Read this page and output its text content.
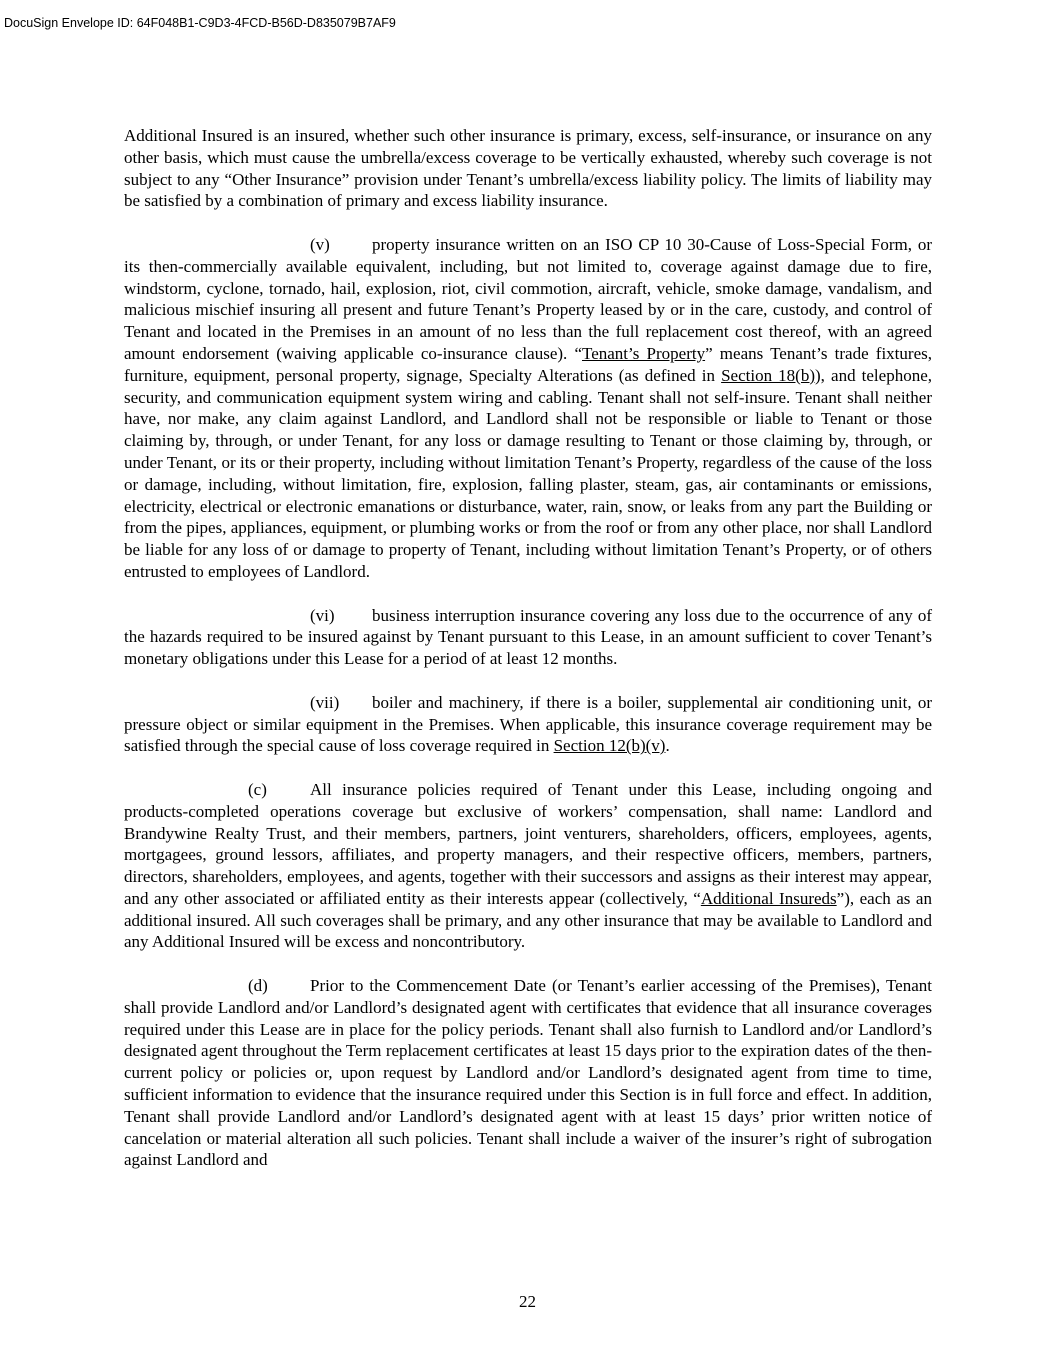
DocuSign Envelope ID: 64F048B1-C9D3-4FCD-B56D-D835079B7AF9

Additional Insured is an insured, whether such other insurance is primary, excess, self-insurance, or insurance on any other basis, which must cause the umbrella/excess coverage to be vertically exhausted, whereby such coverage is not subject to any “Other Insurance” provision under Tenant’s umbrella/excess liability policy. The limits of liability may be satisfied by a combination of primary and excess liability insurance.

(v) property insurance written on an ISO CP 10 30-Cause of Loss-Special Form, or its then-commercially available equivalent, including, but not limited to, coverage against damage due to fire, windstorm, cyclone, tornado, hail, explosion, riot, civil commotion, aircraft, vehicle, smoke damage, vandalism, and malicious mischief insuring all present and future Tenant’s Property leased by or in the care, custody, and control of Tenant and located in the Premises in an amount of no less than the full replacement cost thereof, with an agreed amount endorsement (waiving applicable co-insurance clause). “Tenant’s Property” means Tenant’s trade fixtures, furniture, equipment, personal property, signage, Specialty Alterations (as defined in Section 18(b)), and telephone, security, and communication equipment system wiring and cabling. Tenant shall not self-insure. Tenant shall neither have, nor make, any claim against Landlord, and Landlord shall not be responsible or liable to Tenant or those claiming by, through, or under Tenant, for any loss or damage resulting to Tenant or those claiming by, through, or under Tenant, or its or their property, including without limitation Tenant’s Property, regardless of the cause of the loss or damage, including, without limitation, fire, explosion, falling plaster, steam, gas, air contaminants or emissions, electricity, electrical or electronic emanations or disturbance, water, rain, snow, or leaks from any part the Building or from the pipes, appliances, equipment, or plumbing works or from the roof or from any other place, nor shall Landlord be liable for any loss of or damage to property of Tenant, including without limitation Tenant’s Property, or of others entrusted to employees of Landlord.

(vi) business interruption insurance covering any loss due to the occurrence of any of the hazards required to be insured against by Tenant pursuant to this Lease, in an amount sufficient to cover Tenant’s monetary obligations under this Lease for a period of at least 12 months.

(vii) boiler and machinery, if there is a boiler, supplemental air conditioning unit, or pressure object or similar equipment in the Premises. When applicable, this insurance coverage requirement may be satisfied through the special cause of loss coverage required in Section 12(b)(v).

(c)	All insurance policies required of Tenant under this Lease, including ongoing and products-completed operations coverage but exclusive of workers’ compensation, shall name: Landlord and Brandywine Realty Trust, and their members, partners, joint venturers, shareholders, officers, employees, agents, mortgagees, ground lessors, affiliates, and property managers, and their respective officers, members, partners, directors, shareholders, employees, and agents, together with their successors and assigns as their interest may appear, and any other associated or affiliated entity as their interests appear (collectively, “Additional Insureds”), each as an additional insured. All such coverages shall be primary, and any other insurance that may be available to Landlord and any Additional Insured will be excess and noncontributory.

(d) Prior to the Commencement Date (or Tenant’s earlier accessing of the Premises), Tenant shall provide Landlord and/or Landlord’s designated agent with certificates that evidence that all insurance coverages required under this Lease are in place for the policy periods. Tenant shall also furnish to Landlord and/or Landlord’s designated agent throughout the Term replacement certificates at least 15 days prior to the expiration dates of the then-current policy or policies or, upon request by Landlord and/or Landlord’s designated agent from time to time, sufficient information to evidence that the insurance required under this Section is in full force and effect. In addition, Tenant shall provide Landlord and/or Landlord’s designated agent with at least 15 days’ prior written notice of cancelation or material alteration all such policies. Tenant shall include a waiver of the insurer’s right of subrogation against Landlord and

22
